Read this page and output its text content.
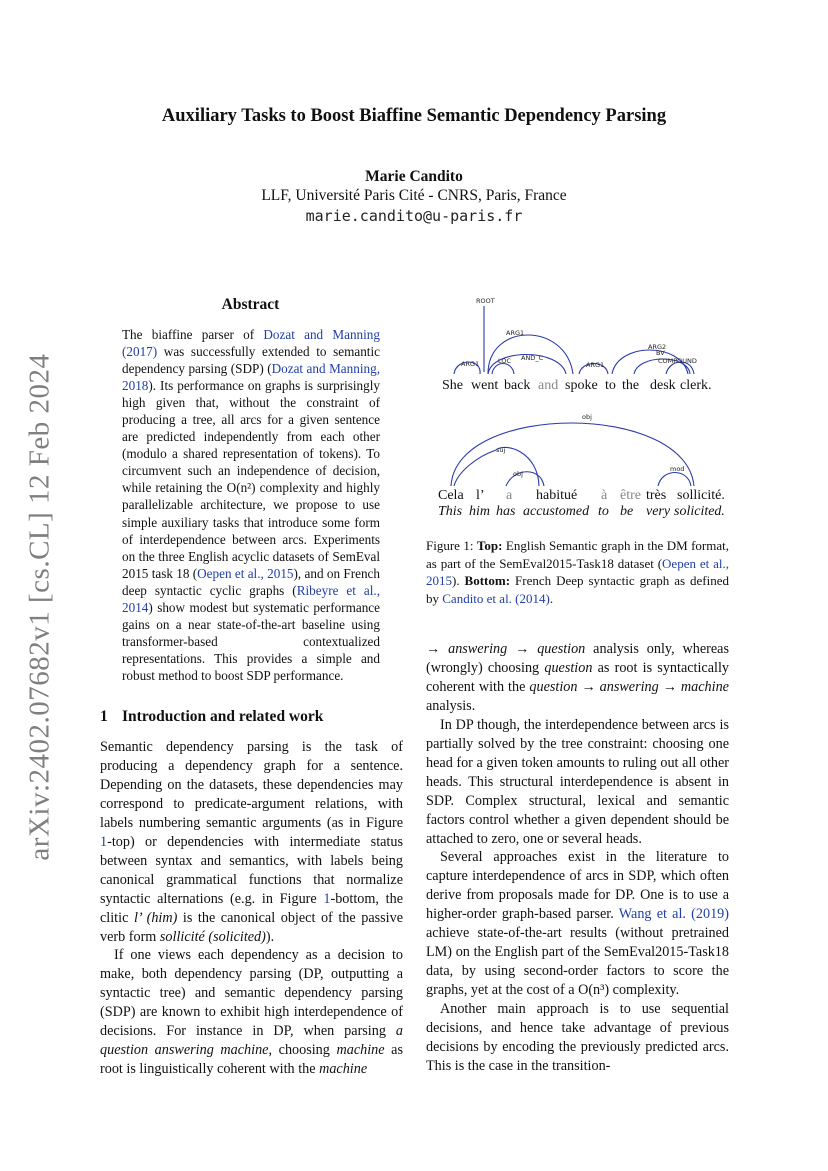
arXiv:2402.07682v1 [cs.CL] 12 Feb 2024
Auxiliary Tasks to Boost Biaffine Semantic Dependency Parsing
Marie Candito
LLF, Université Paris Cité - CNRS, Paris, France
marie.candito@u-paris.fr
Abstract
The biaffine parser of Dozat and Manning (2017) was successfully extended to semantic dependency parsing (SDP) (Dozat and Manning, 2018). Its performance on graphs is surprisingly high given that, without the constraint of producing a tree, all arcs for a given sentence are predicted independently from each other (modulo a shared representation of tokens). To circumvent such an independence of decision, while retaining the O(n²) complexity and highly parallelizable architecture, we propose to use simple auxiliary tasks that introduce some form of interdependence between arcs. Experiments on the three English acyclic datasets of SemEval 2015 task 18 (Oepen et al., 2015), and on French deep syntactic cyclic graphs (Ribeyre et al., 2014) show modest but systematic performance gains on a near state-of-the-art baseline using transformer-based contextualized representations. This provides a simple and robust method to boost SDP performance.
1 Introduction and related work

Semantic dependency parsing is the task of producing a dependency graph for a sentence. Depending on the datasets, these dependencies may correspond to predicate-argument relations, with labels numbering semantic arguments (as in Figure 1-top) or dependencies with intermediate status between syntax and semantics, with labels being canonical grammatical functions that normalize syntactic alternations (e.g. in Figure 1-bottom, the clitic l’ (him) is the canonical object of the passive verb form sollicité (solicited)).

If one views each dependency as a decision to make, both dependency parsing (DP, outputting a syntactic tree) and semantic dependency parsing (SDP) are known to exhibit high interdependence of decisions. For instance in DP, when parsing a question answering machine, choosing machine as root is linguistically coherent with the machine

ROOT
ARG1
ARG1	LOC AND_C
ARG1
ARG2
BV
COMPOUND
She went back and spoke to the desk clerk.
obj
suj
obj
mod
Cela l’ a habitué à être très sollicité.
This him has accustomed to be very solicited.
Figure 1: Top: English Semantic graph in the DM format, as part of the SemEval2015-Task18 dataset (Oepen et al., 2015). Bottom: French Deep syntactic graph as defined by Candito et al. (2014).

→ answering → question analysis only, whereas (wrongly) choosing question as root is syntactically coherent with the question → answering → machine analysis.

In DP though, the interdependence between arcs is partially solved by the tree constraint: choosing one head for a given token amounts to ruling out all other heads. This structural interdependence is absent in SDP. Complex structural, lexical and semantic factors control whether a given dependent should be attached to zero, one or several heads.

Several approaches exist in the literature to capture interdependence of arcs in SDP, which often derive from proposals made for DP. One is to use a higher-order graph-based parser. Wang et al. (2019) achieve state-of-the-art results (without pretrained LM) on the English part of the SemEval2015-Task18 data, by using second-order factors to score the graphs, yet at the cost of a O(n³) complexity.

Another main approach is to use sequential decisions, and hence take advantage of previous decisions by encoding the previously predicted arcs. This is the case in the transition-
